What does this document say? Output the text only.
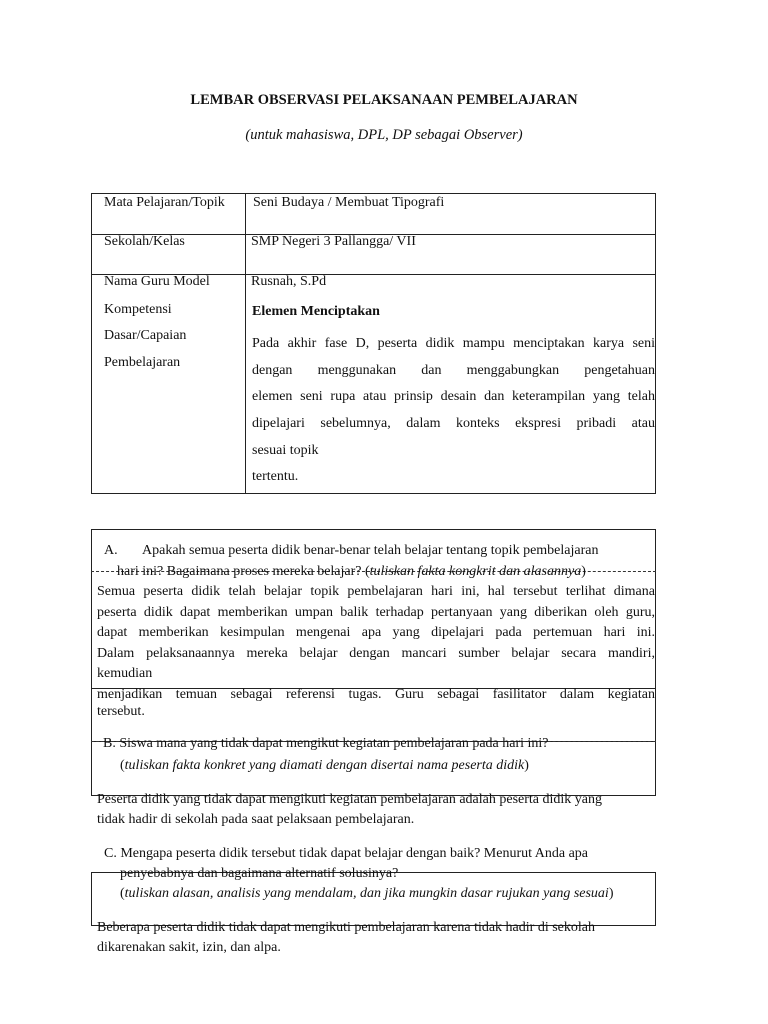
LEMBAR OBSERVASI PELAKSANAAN PEMBELAJARAN
(untuk mahasiswa, DPL, DP sebagai Observer)
Mata Pelajaran/Topik Seni Budaya / Membuat Tipografi
Sekolah/Kelas	SMP Negeri 3 Pallangga/ VII
Nama Guru Model	Rusnah, S.Pd
Kompetensi
Dasar/Capaian
Pembelajaran
Elemen Menciptakan
Pada akhir fase D, peserta didik mampu menciptakan karya seni
dengan menggunakan dan menggabungkan pengetahuan
elemen seni rupa atau prinsip desain dan keterampilan yang telah
dipelajari sebelumnya, dalam konteks ekspresi pribadi atau
sesuai topik
tertentu.
A. Apakah semua peserta didik benar-benar telah belajar tentang topik pembelajaran
hari ini? Bagaimana proses mereka belajar? (tuliskan fakta kongkrit dan alasannya)
Semua peserta didik telah belajar topik pembelajaran hari ini, hal tersebut terlihat dimana
peserta didik dapat memberikan umpan balik terhadap pertanyaan yang diberikan oleh guru,
dapat memberikan kesimpulan mengenai apa yang dipelajari pada pertemuan hari ini.
Dalam pelaksanaannya mereka belajar dengan mancari sumber belajar secara mandiri,
kemudian
menjadikan temuan sebagai referensi tugas. Guru sebagai fasilitator dalam kegiatan
tersebut.
B. Siswa mana yang tidak dapat mengikut kegiatan pembelajaran pada hari ini?
(tuliskan fakta konkret yang diamati dengan disertai nama peserta didik)
Peserta didik yang tidak dapat mengikuti kegiatan pembelajaran adalah peserta didik yang
tidak hadir di sekolah pada saat pelaksaan pembelajaran.
C. Mengapa peserta didik tersebut tidak dapat belajar dengan baik? Menurut Anda apa
penyebabnya dan bagaimana alternatif solusinya?
(tuliskan alasan, analisis yang mendalam, dan jika mungkin dasar rujukan yang sesuai)
Beberapa peserta didik tidak dapat mengikuti pembelajaran karena tidak hadir di sekolah
dikarenakan sakit, izin, dan alpa.
